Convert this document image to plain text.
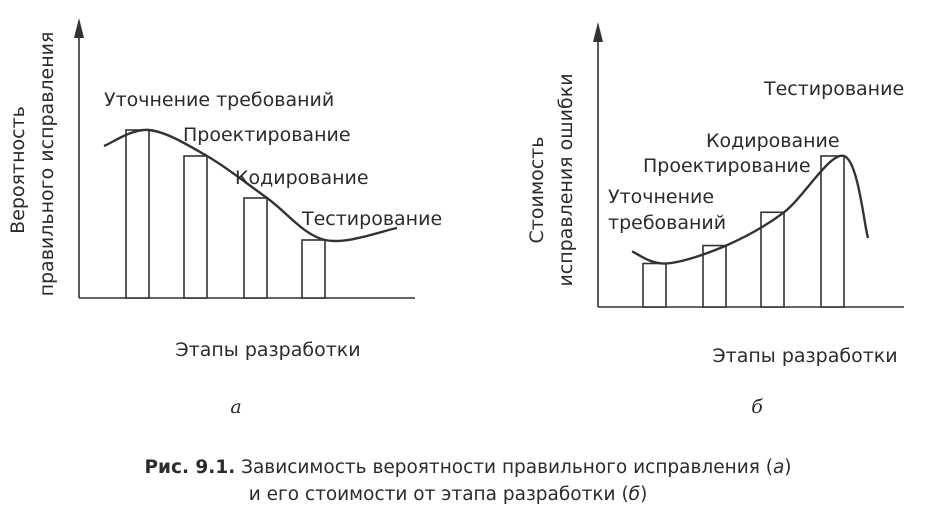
Уточнение требований
Проектирование
Кодирование
Тестирование
Вероятность правильного исправления
Этапы разработки
а
Уточнение требований
Проектирование
Кодирование
Тестирование
Стоимость исправления ошибки
Этапы разработки
б
Рис. 9.1. Зависимость вероятности правильного исправления (а)
и его стоимости от этапа разработки (б)
